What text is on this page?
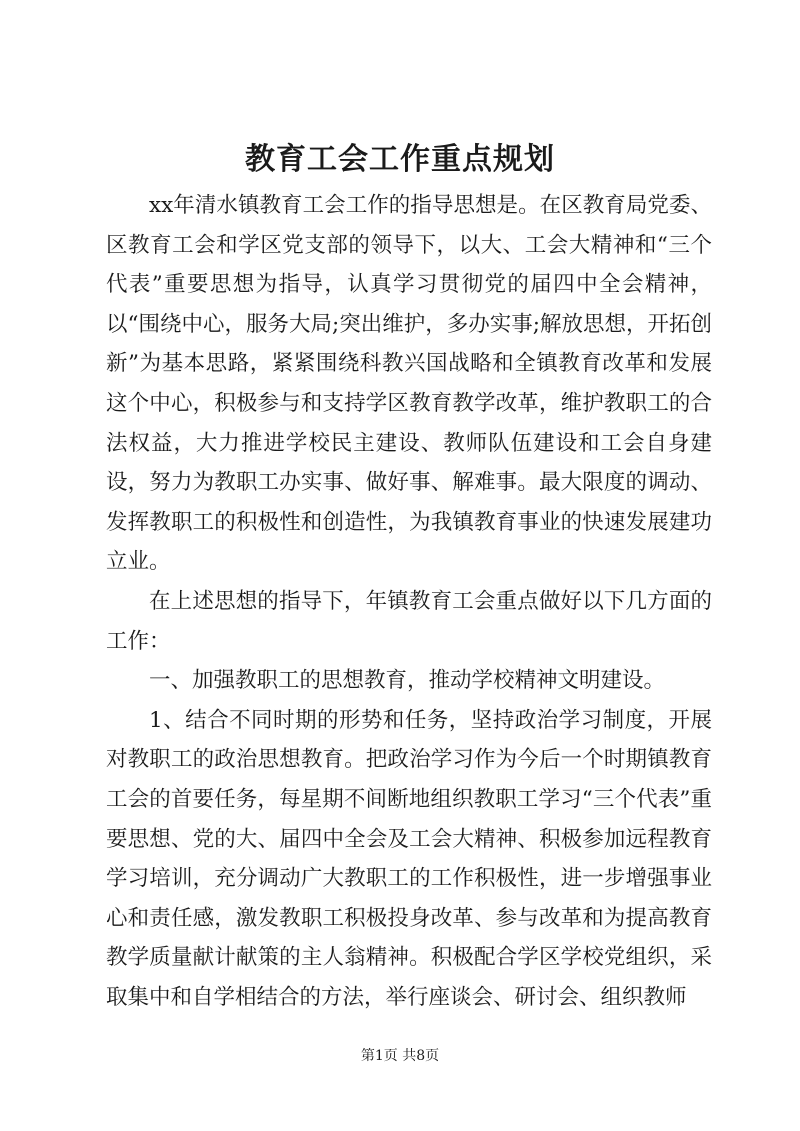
教育工会工作重点规划

xx年清水镇教育工会工作的指导思想是。在区教育局党委、区教育工会和学区党支部的领导下，以大、工会大精神和“三个代表”重要思想为指导，认真学习贯彻党的届四中全会精神，以“围绕中心，服务大局;突出维护，多办实事;解放思想，开拓创新”为基本思路，紧紧围绕科教兴国战略和全镇教育改革和发展这个中心，积极参与和支持学区教育教学改革，维护教职工的合法权益，大力推进学校民主建设、教师队伍建设和工会自身建设，努力为教职工办实事、做好事、解难事。最大限度的调动、发挥教职工的积极性和创造性，为我镇教育事业的快速发展建功立业。

在上述思想的指导下，年镇教育工会重点做好以下几方面的工作：

一、加强教职工的思想教育，推动学校精神文明建设。

1、结合不同时期的形势和任务，坚持政治学习制度，开展对教职工的政治思想教育。把政治学习作为今后一个时期镇教育工会的首要任务，每星期不间断地组织教职工学习“三个代表”重要思想、党的大、届四中全会及工会大精神、积极参加远程教育学习培训，充分调动广大教职工的工作积极性，进一步增强事业心和责任感，激发教职工积极投身改革、参与改革和为提高教育教学质量献计献策的主人翁精神。积极配合学区学校党组织，采取集中和自学相结合的方法，举行座谈会、研讨会、组织教师

第1页 共8页
